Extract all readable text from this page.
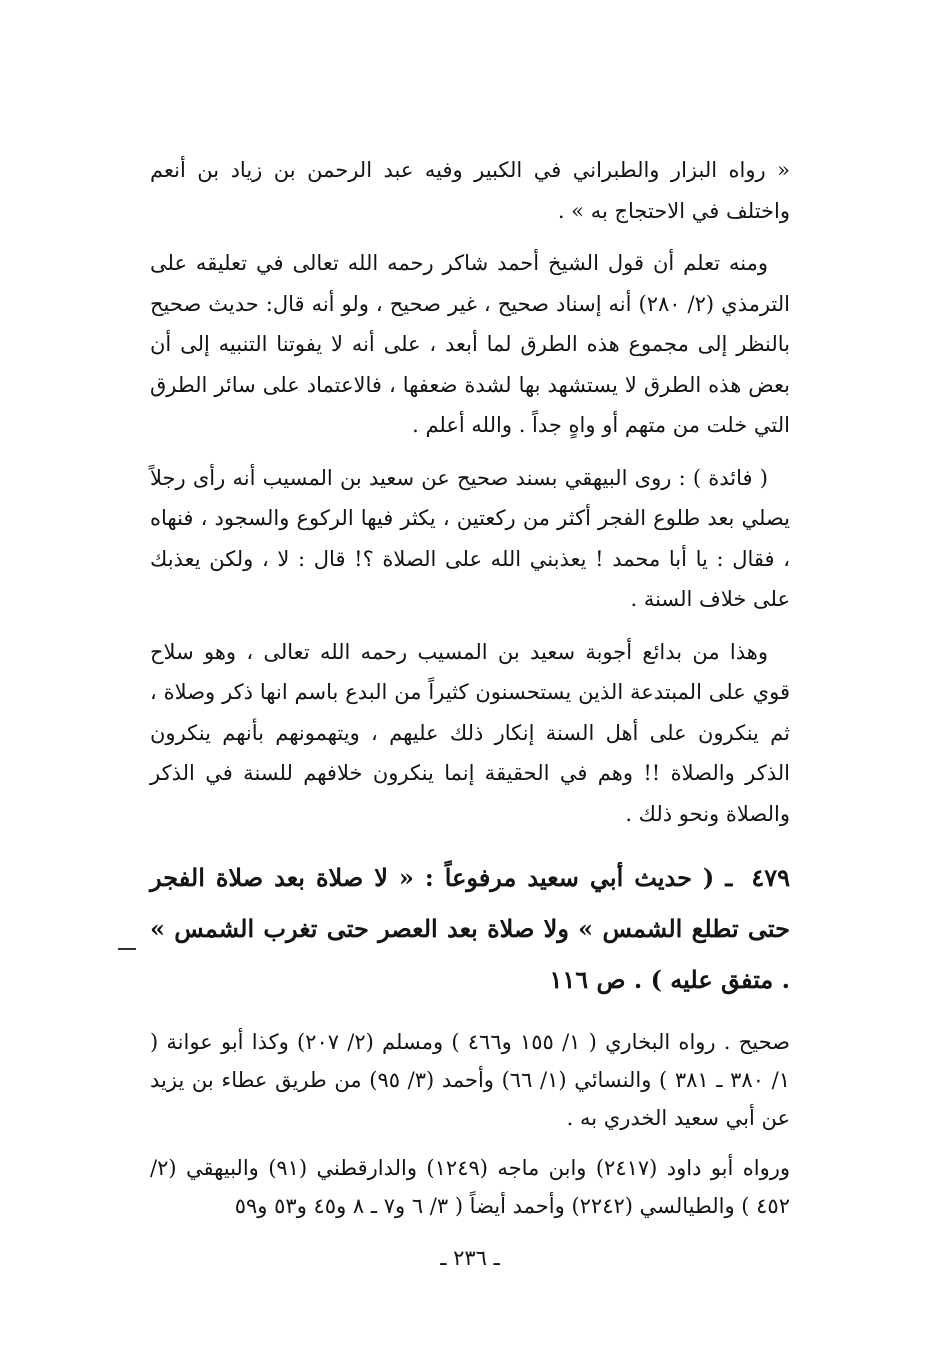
« رواه البزار والطبراني في الكبير وفيه عبد الرحمن بن زياد بن أنعم واختلف في الاحتجاج به » .

ومنه تعلم أن قول الشيخ أحمد شاكر رحمه الله تعالى في تعليقه على الترمذي (٢/ ٢٨٠) أنه إسناد صحيح ، غير صحيح ، ولو أنه قال: حديث صحيح بالنظر إلى مجموع هذه الطرق لما أبعد ، على أنه لا يفوتنا التنبيه إلى أن بعض هذه الطرق لا يستشهد بها لشدة ضعفها ، فالاعتماد على سائر الطرق التي خلت من متهم أو واهٍ جداً . والله أعلم .

( فائدة ) : روى البيهقي بسند صحيح عن سعيد بن المسيب أنه رأى رجلاً يصلي بعد طلوع الفجر أكثر من ركعتين ، يكثر فيها الركوع والسجود ، فنهاه ، فقال : يا أبا محمد ! يعذبني الله على الصلاة ؟! قال : لا ، ولكن يعذبك على خلاف السنة .

وهذا من بدائع أجوبة سعيد بن المسيب رحمه الله تعالى ، وهو سلاح قوي على المبتدعة الذين يستحسنون كثيراً من البدع باسم انها ذكر وصلاة ، ثم ينكرون على أهل السنة إنكار ذلك عليهم ، ويتهمونهم بأنهم ينكرون الذكر والصلاة !! وهم في الحقيقة إنما ينكرون خلافهم للسنة في الذكر والصلاة ونحو ذلك .

٤٧٩ ـ ( حديث أبي سعيد مرفوعاً : « لا صلاة بعد صلاة الفجر حتى تطلع الشمس » ولا صلاة بعد العصر حتى تغرب الشمس » . متفق عليه ) . ص ١١٦

صحيح . رواه البخاري ( ١/ ١٥٥ و٤٦٦ ) ومسلم (٢/ ٢٠٧) وكذا أبو عوانة ( ١/ ٣٨٠ ـ ٣٨١ ) والنسائي (١/ ٦٦) وأحمد (٣/ ٩٥) من طريق عطاء بن يزيد عن أبي سعيد الخدري به .

ورواه أبو داود (٢٤١٧) وابن ماجه (١٢٤٩) والدارقطني (٩١) والبيهقي (٢/ ٤٥٢ ) والطيالسي (٢٢٤٢) وأحمد أيضاً ( ٣/ ٦ و٧ ـ ٨ و٤٥ و٥٣ و٥٩

ـ ٢٣٦ ـ
